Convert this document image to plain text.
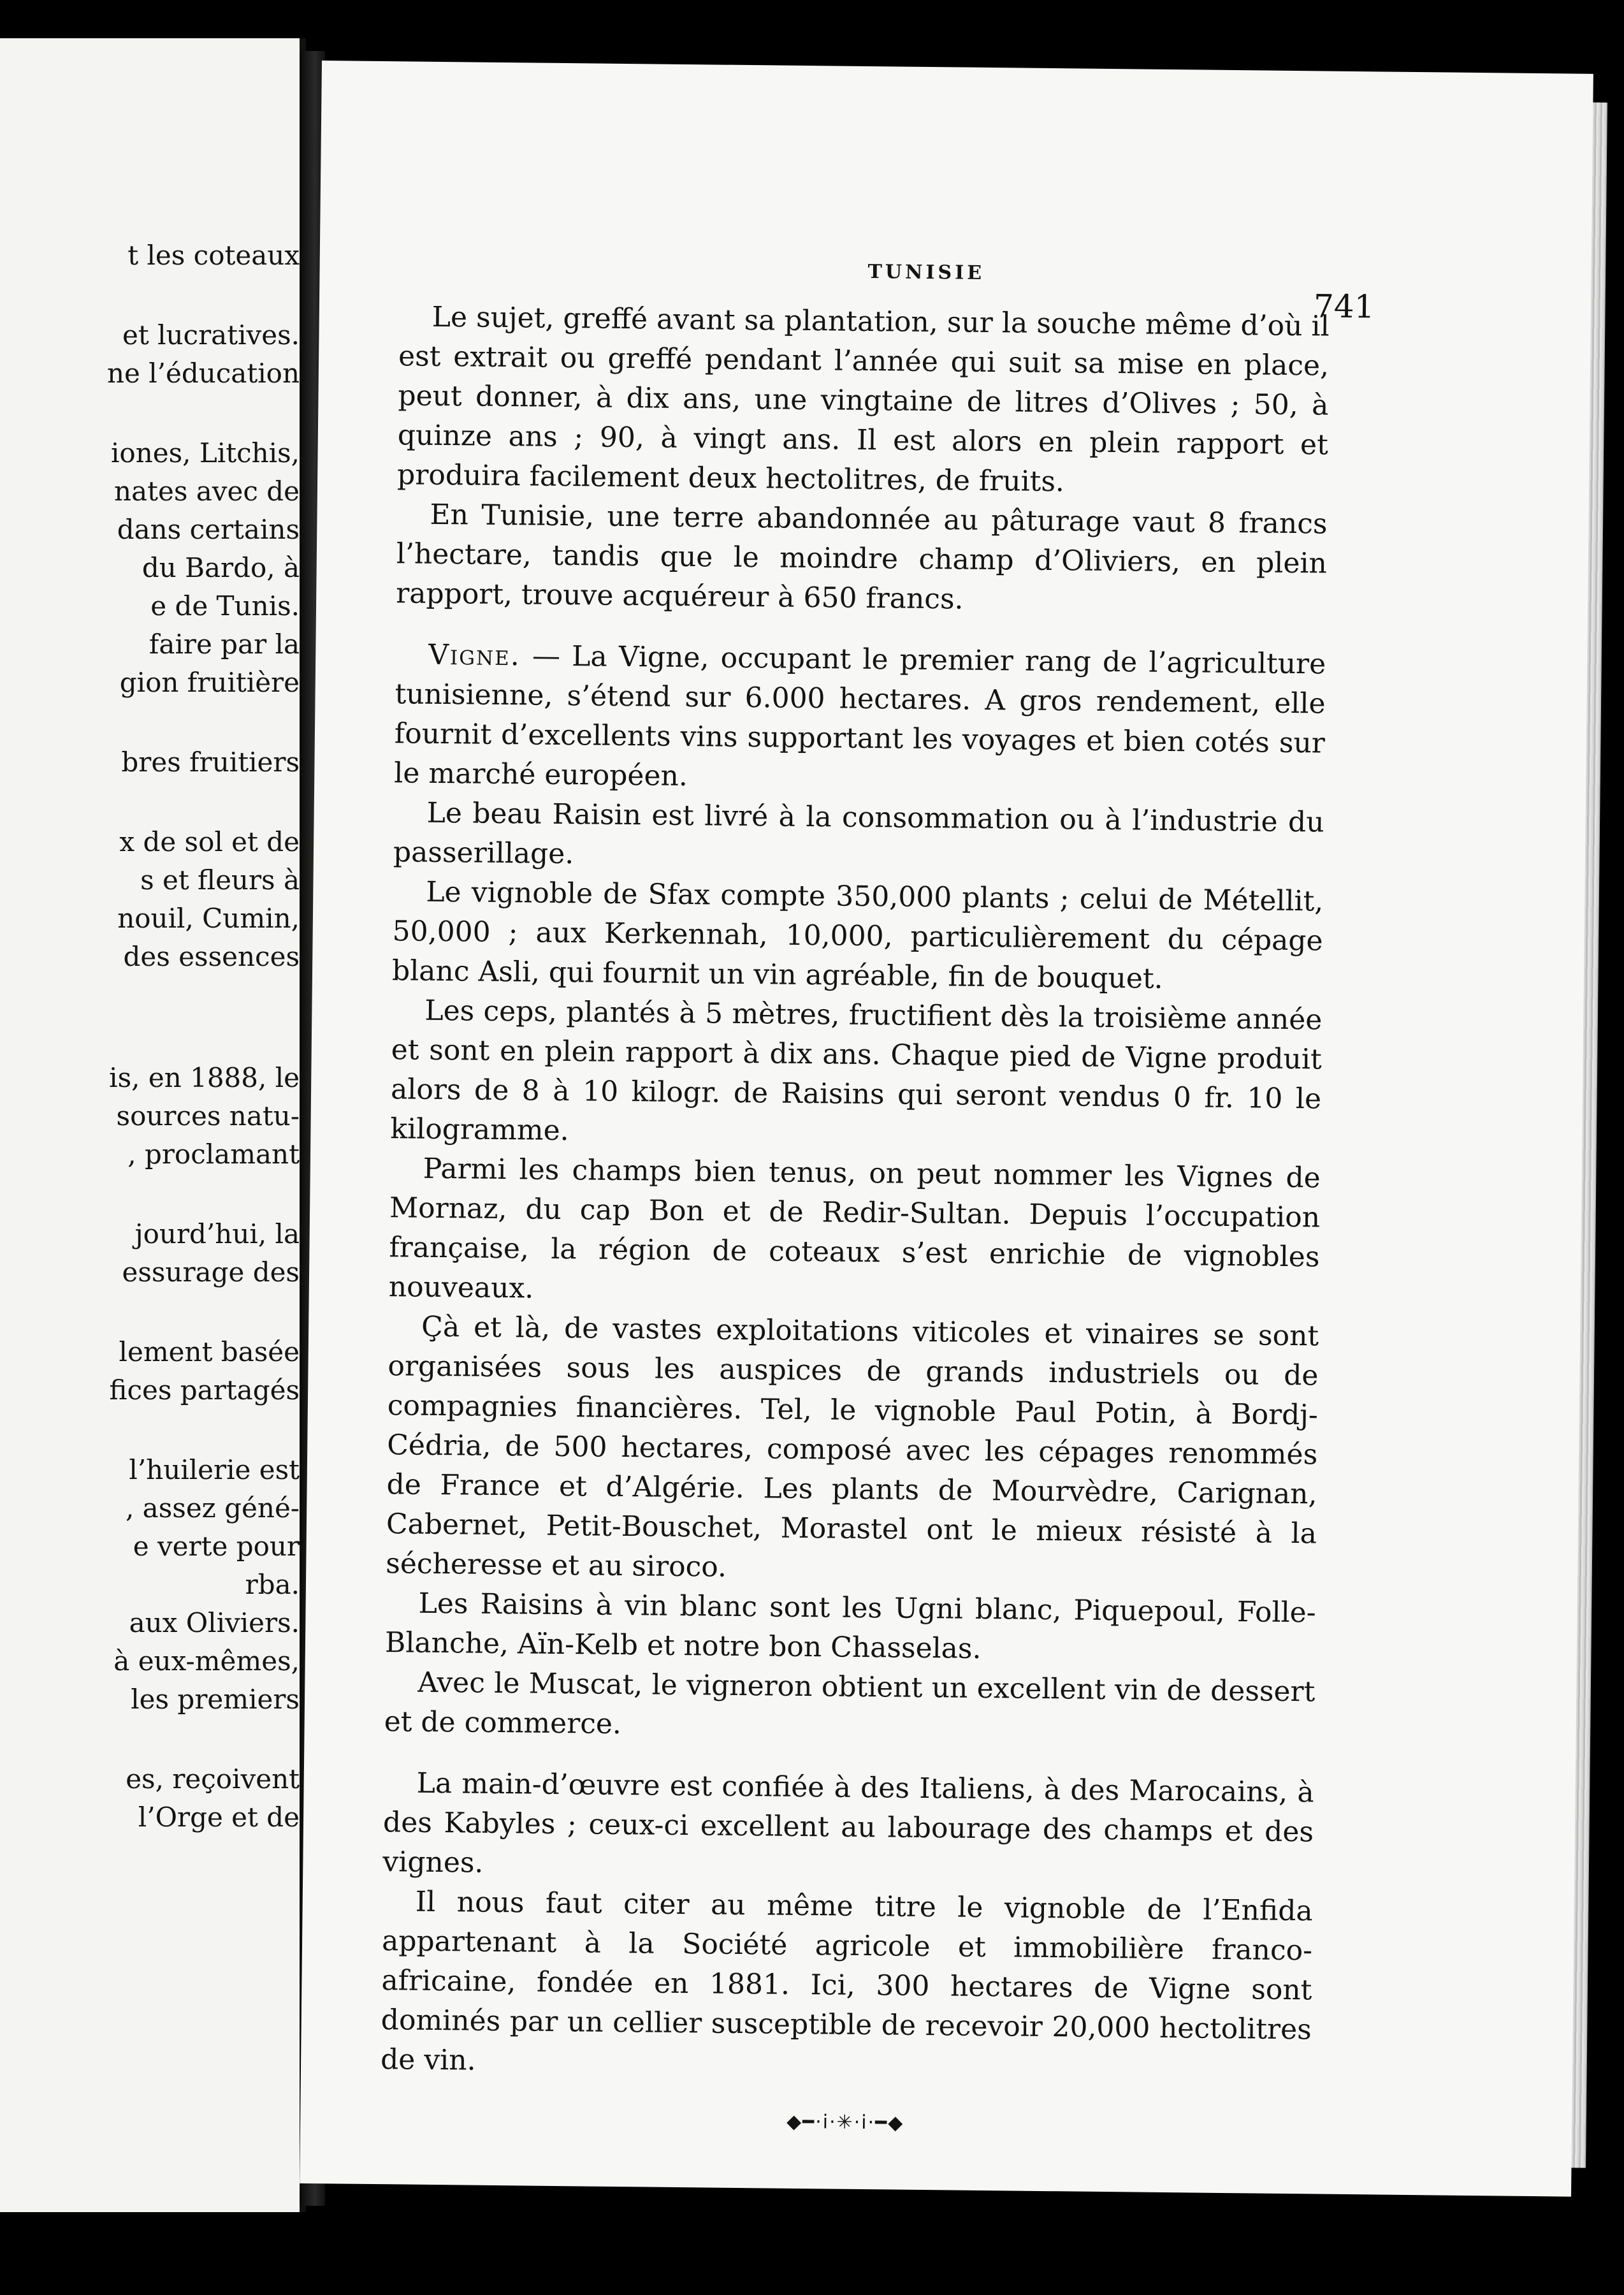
t les coteaux
et lucratives.
ne l’éducation
iones, Litchis,
nates avec de
dans certains
du Bardo, à
e de Tunis.
faire par la
gion fruitière
bres fruitiers
x de sol et de
s et fleurs à
nouil, Cumin,
des essences
is, en 1888, le
sources natu-
, proclamant
jourd’hui, la
essurage des
lement basée
fices partagés
l’huilerie est
, assez géné-
e verte pour
rba.
aux Oliviers.
à eux-mêmes,
les premiers
es, reçoivent
l’Orge et de
TUNISIE
741

Le sujet, greffé avant sa plantation, sur la souche même d’où il est extrait ou greffé pendant l’année qui suit sa mise en place, peut donner, à dix ans, une vingtaine de litres d’Olives ; 50, à quinze ans ; 90, à vingt ans. Il est alors en plein rapport et produira facilement deux hectolitres, de fruits.

En Tunisie, une terre abandonnée au pâturage vaut 8 francs l’hectare, tandis que le moindre champ d’Oliviers, en plein rapport, trouve acquéreur à 650 francs.

Vigne. — La Vigne, occupant le premier rang de l’agriculture tunisienne, s’étend sur 6.000 hectares. A gros rendement, elle fournit d’excellents vins supportant les voyages et bien cotés sur le marché européen.

Le beau Raisin est livré à la consommation ou à l’industrie du passerillage.

Le vignoble de Sfax compte 350,000 plants ; celui de Métellit, 50,000 ; aux Kerkennah, 10,000, particulièrement du cépage blanc Asli, qui fournit un vin agréable, fin de bouquet.

Les ceps, plantés à 5 mètres, fructifient dès la troisième année et sont en plein rapport à dix ans. Chaque pied de Vigne produit alors de 8 à 10 kilogr. de Raisins qui seront vendus 0 fr. 10 le kilogramme.

Parmi les champs bien tenus, on peut nommer les Vignes de Mornaz, du cap Bon et de Redir-Sultan. Depuis l’occupation française, la région de coteaux s’est enrichie de vignobles nouveaux.

Çà et là, de vastes exploitations viticoles et vinaires se sont organisées sous les auspices de grands industriels ou de compagnies financières. Tel, le vignoble Paul Potin, à Bordj-Cédria, de 500 hectares, composé avec les cépages renommés de France et d’Algérie. Les plants de Mourvèdre, Carignan, Cabernet, Petit-Bouschet, Morastel ont le mieux résisté à la sécheresse et au siroco.

Les Raisins à vin blanc sont les Ugni blanc, Piquepoul, Folle-Blanche, Aïn-Kelb et notre bon Chasselas.

Avec le Muscat, le vigneron obtient un excellent vin de dessert et de commerce.

La main-d’œuvre est confiée à des Italiens, à des Marocains, à des Kabyles ; ceux-ci excellent au labourage des champs et des vignes.

Il nous faut citer au même titre le vignoble de l’Enfida appartenant à la Société agricole et immobilière franco-africaine, fondée en 1881. Ici, 300 hectares de Vigne sont dominés par un cellier susceptible de recevoir 20,000 hectolitres de vin.

◆━·i·✳·i·━◆
